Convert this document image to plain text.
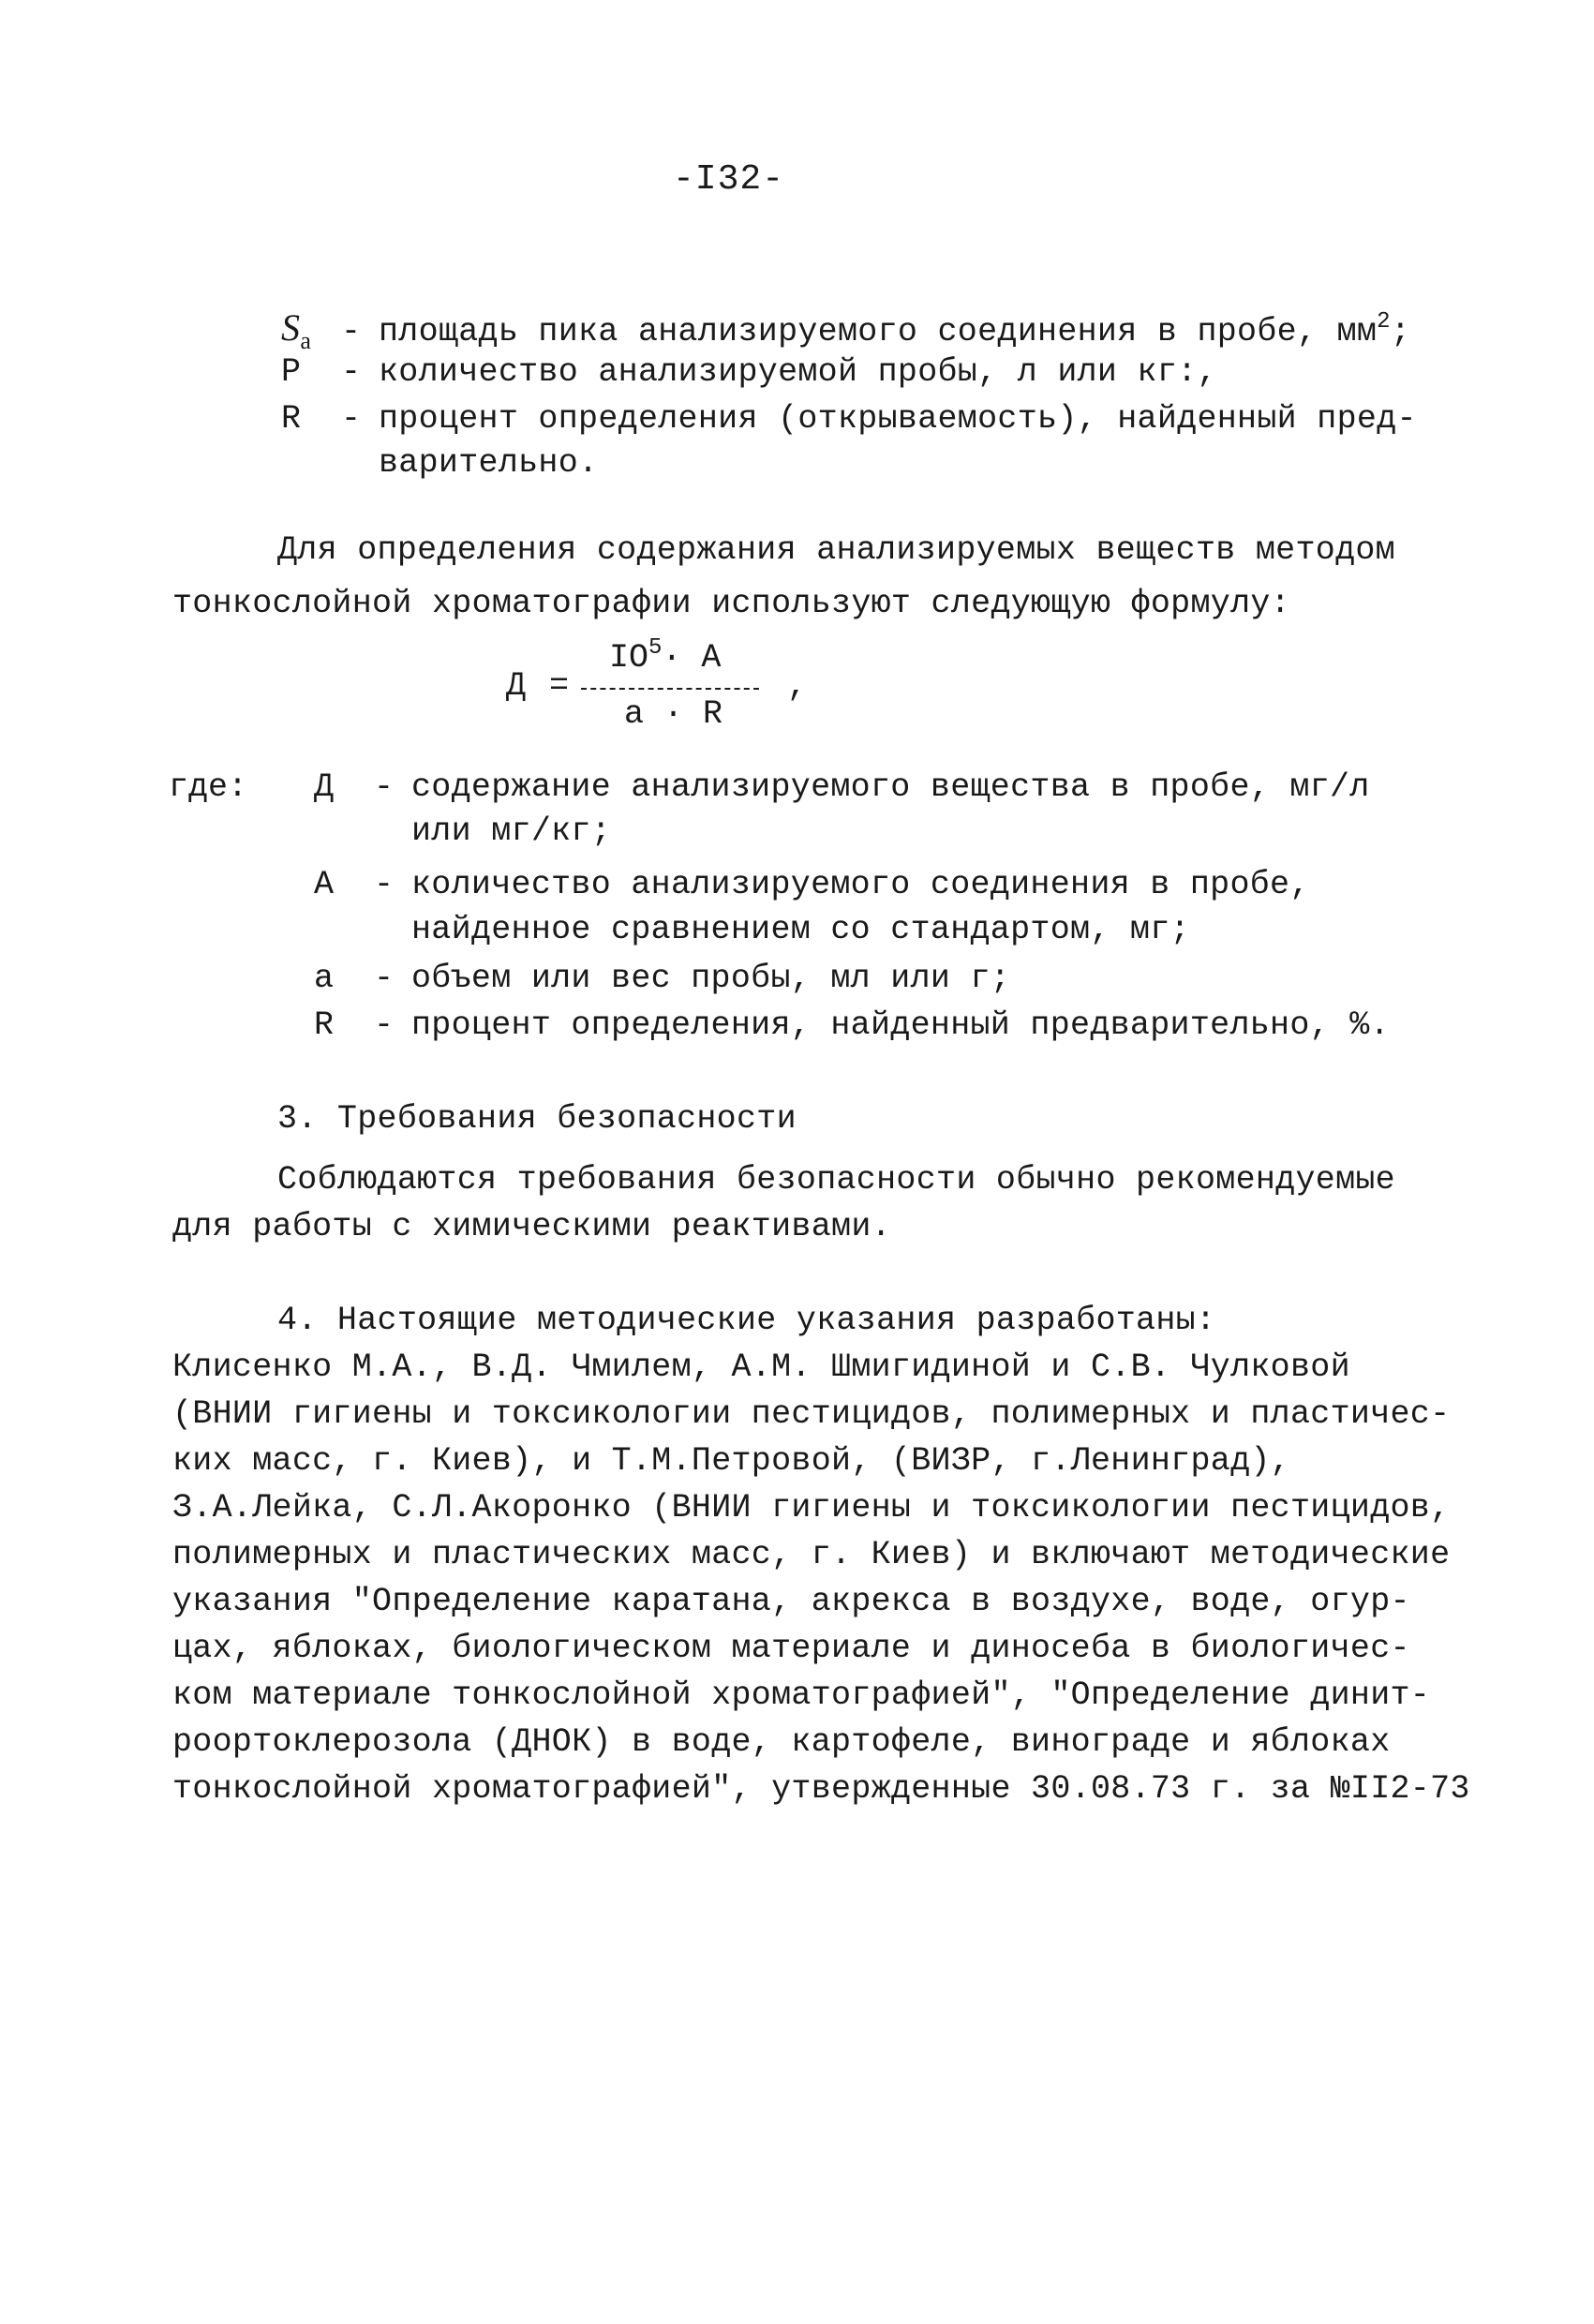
-I32-
$S_a$ - площадь пика анализируемого соединения в пробе, $мм^2$;
P - количество анализируемой пробы, л или кг:,
R - процент определения (открываемость), найденный пред-
варительно.
Для определения содержания анализируемых веществ методом
тонкослойной хроматографии используют следующую формулу:
Д =
$IO^5\cdot A$
a · R
,
где: Д - содержание анализируемого вещества в пробе, мг/л
или мг/кг;
A - количество анализируемого соединения в пробе,
найденное сравнением со стандартом, мг;
a - объем или вес пробы, мл или г;
R - процент определения, найденный предварительно, %.
3. Требования безопасности
Соблюдаются требования безопасности обычно рекомендуемые
для работы с химическими реактивами.
4. Настоящие методические указания разработаны:
Клисенко М.А., В.Д. Чмилем, А.М. Шмигидиной и С.В. Чулковой
(ВНИИ гигиены и токсикологии пестицидов, полимерных и пластичес-
ких масс, г. Киев), и Т.М.Петровой, (ВИЗР, г.Ленинград),
З.А.Лейка, С.Л.Акоронко (ВНИИ гигиены и токсикологии пестицидов,
полимерных и пластических масс, г. Киев) и включают методические
указания "Определение каратана, акрекса в воздухе, воде, огур-
цах, яблоках, биологическом материале и диносеба в биологичес-
ком материале тонкослойной хроматографией", "Определение динит-
роортоклерозола (ДНОК) в воде, картофеле, винограде и яблоках
тонкослойной хроматографией", утвержденные 30.08.73 г. за №II2-73
